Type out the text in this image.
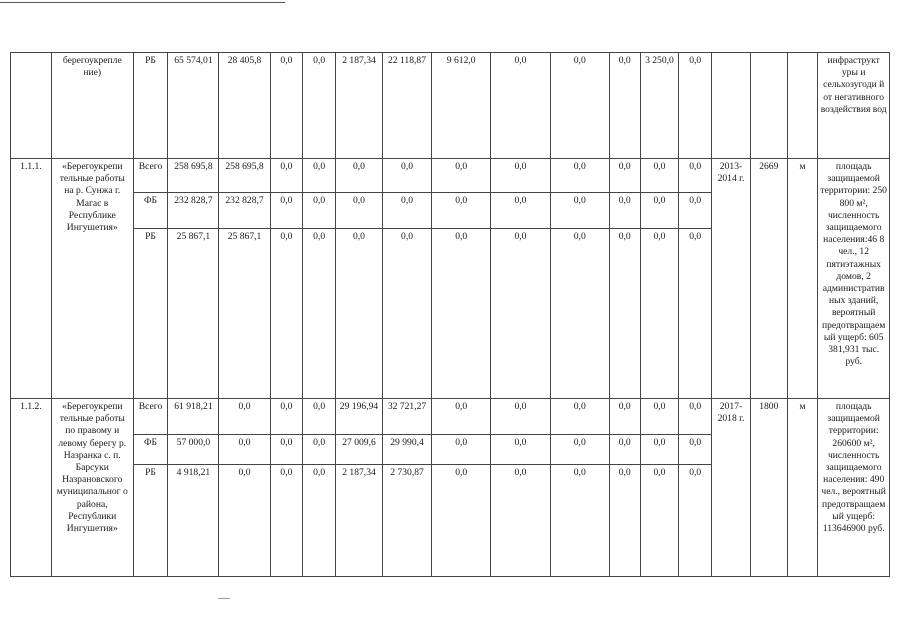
	берегоукрепле ние)	РБ	65 574,01	28 405,8	0,0	0,0	2 187,34	22 118,87	9 612,0	0,0	0,0	0,0	3 250,0	0,0				инфраструкт уры и сельхозугоди й от негативного воздействия вод
1.1.1.	«Берегоукрепи тельные работы на р. Сунжа г. Магас в Республике Ингушетия»	Всего	258 695,8	258 695,8	0,0	0,0	0,0	0,0	0,0	0,0	0,0	0,0	0,0	0,0	2013-2014 г.	2669	м	площадь защищаемой территории: 250 800 м², численность защищаемого населения:46 8 чел., 12 пятиэтажных домов, 2 административных зданий, вероятный предотвращаемый ущерб: 605 381,931 тыс. руб.
		ФБ	232 828,7	232 828,7	0,0	0,0	0,0	0,0	0,0	0,0	0,0	0,0	0,0	0,0				
		РБ	25 867,1	25 867,1	0,0	0,0	0,0	0,0	0,0	0,0	0,0	0,0	0,0	0,0				
1.1.2.	«Берегоукрепи тельные работы по правому и левому берегу р. Назранка с. п. Барсуки Назрановского муниципальног о района, Республики Ингушетия»	Всего	61 918,21	0,0	0,0	0,0	29 196,94	32 721,27	0,0	0,0	0,0	0,0	0,0	0,0	2017-2018 г.	1800	м	площадь защищаемой территории: 260600 м², численность защищаемого населения: 490 чел., вероятный предотвращаемый ущерб: 113646900 руб.
		ФБ	57 000,0	0,0	0,0	0,0	27 009,6	29 990,4	0,0	0,0	0,0	0,0	0,0	0,0				
		РБ	4 918,21	0,0	0,0	0,0	2 187,34	2 730,87	0,0	0,0	0,0	0,0	0,0	0,0				
